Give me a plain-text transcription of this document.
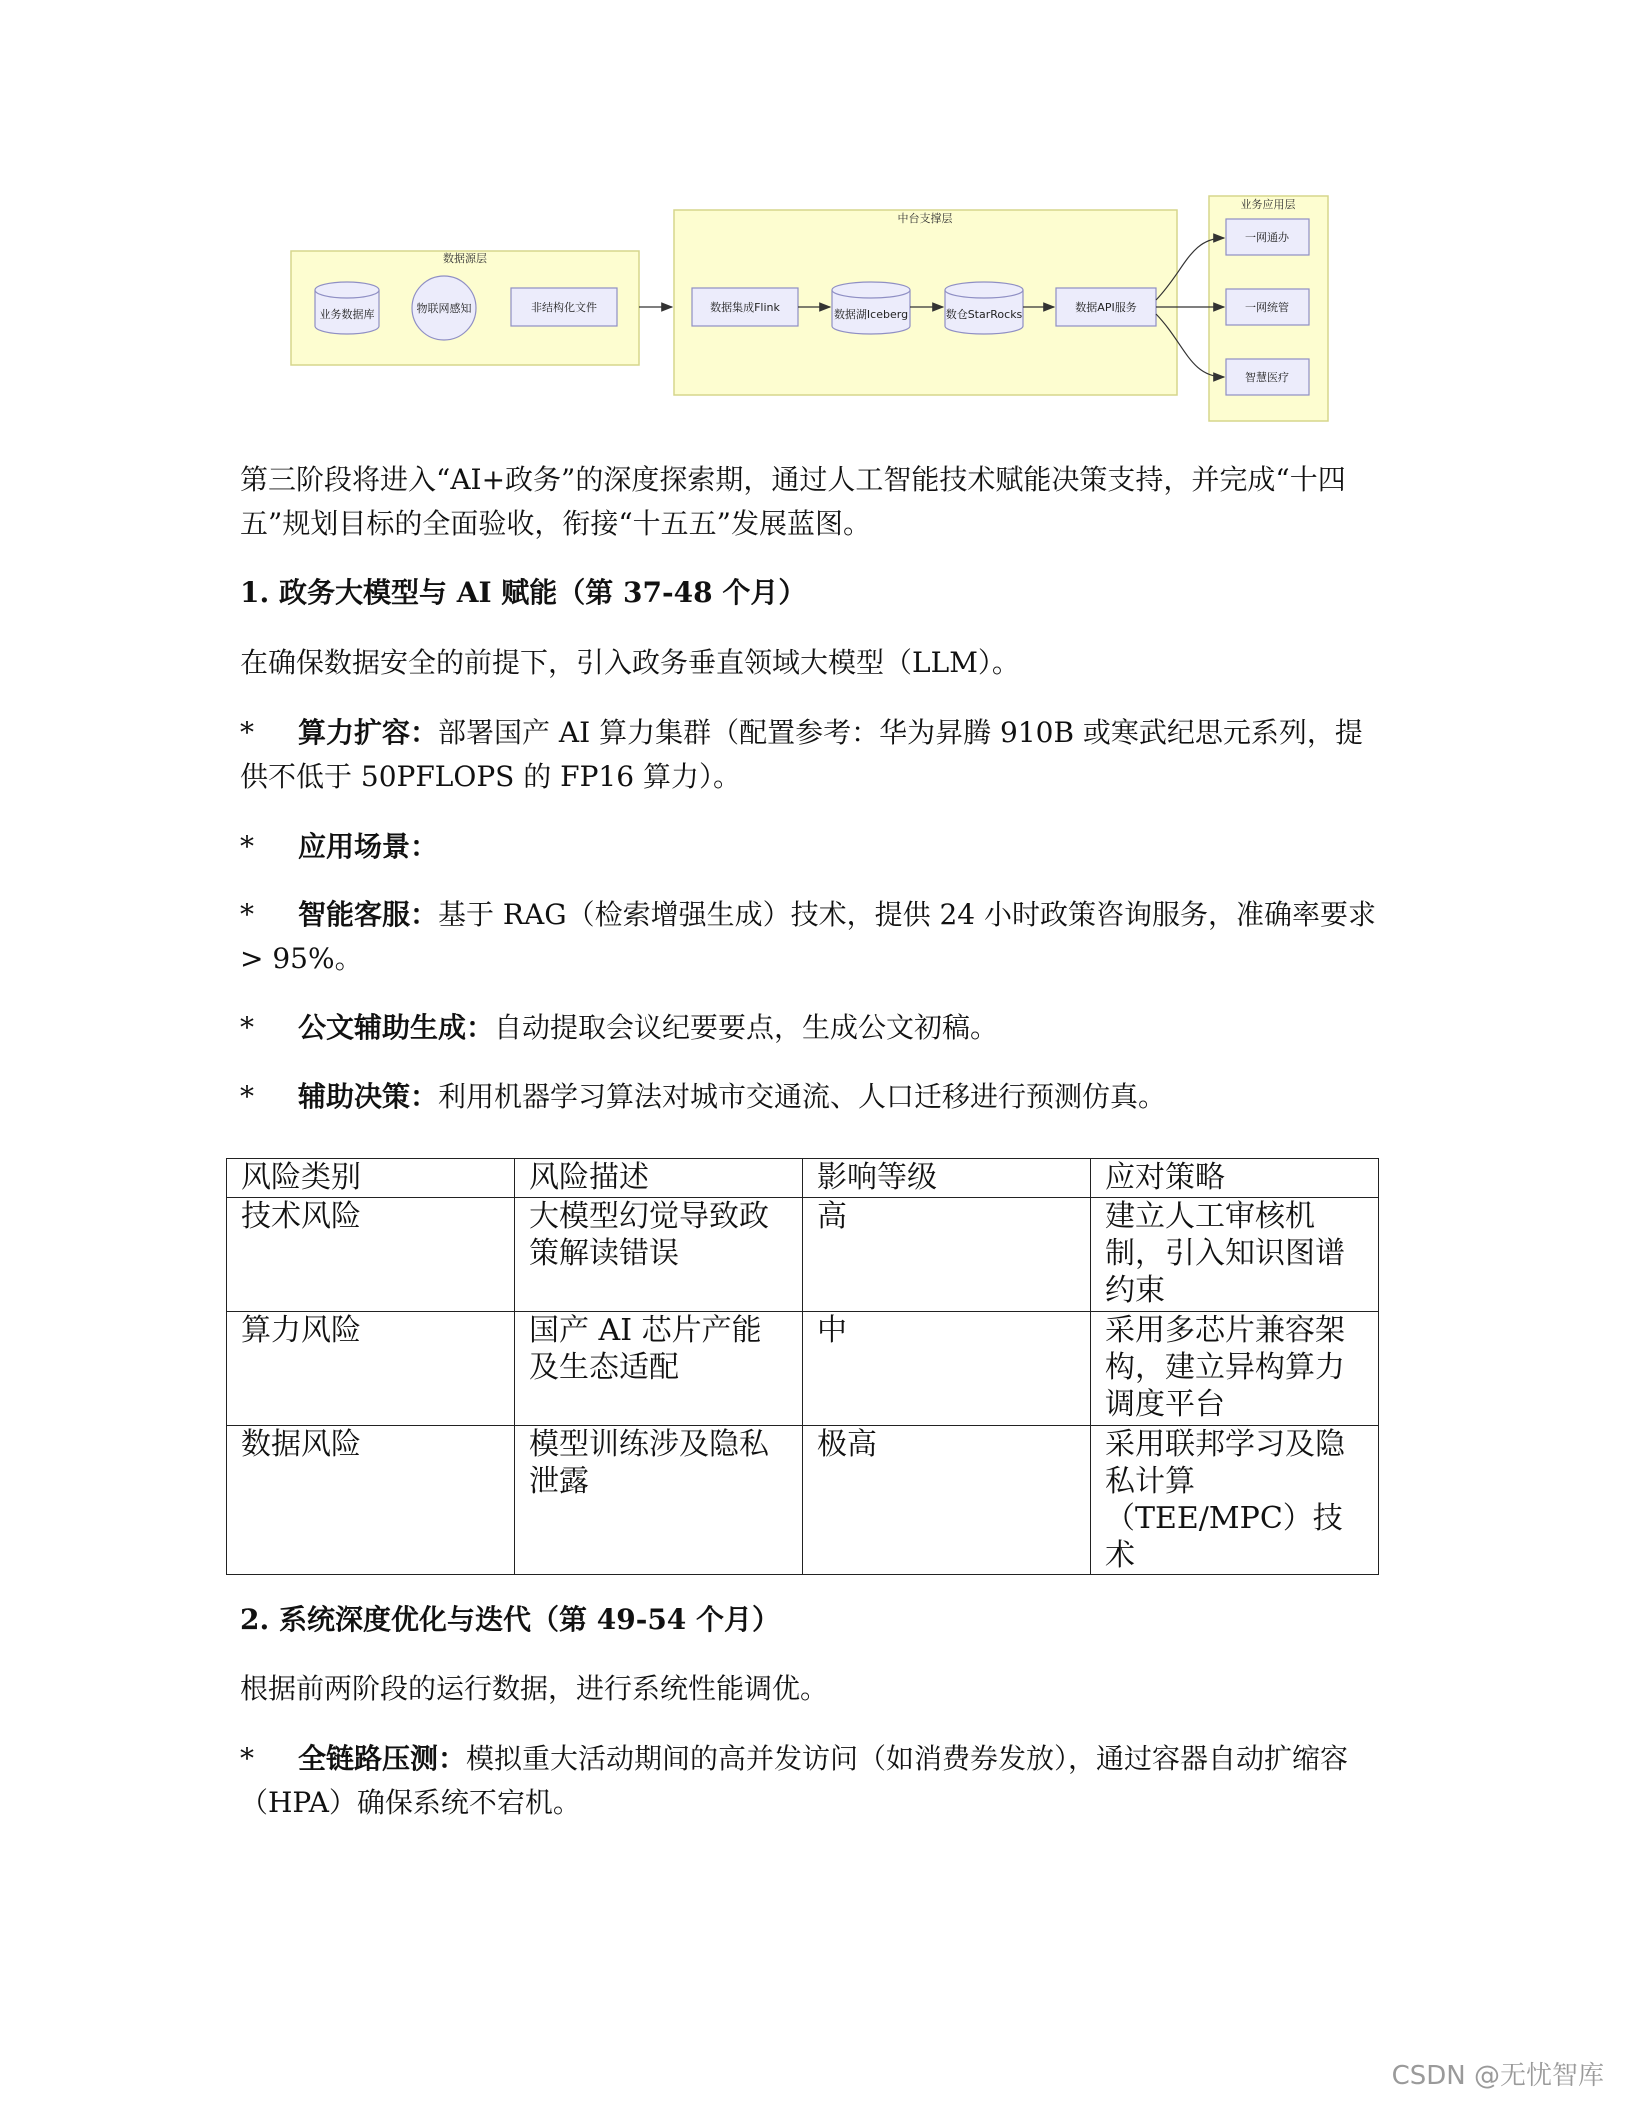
数据源层
中台支撑层
业务应用层
业务数据库	物联网感知	非结构化文件	数据集成Flink
数据湖Iceberg	数仓StarRocks
数据API服务
一网通办
一网统管
智慧医疗

第三阶段将进入“AI+政务”的深度探索期，通过人工智能技术赋能决策支持，并完成“十四五”规划目标的全面验收，衔接“十五五”发展蓝图。

1. 政务大模型与 AI 赋能（第 37-48 个月）

在确保数据安全的前提下，引入政务垂直领域大模型（LLM）。

* 算力扩容：部署国产 AI 算力集群（配置参考：华为昇腾 910B 或寒武纪思元系列，提供不低于 50PFLOPS 的 FP16 算力）。

* 应用场景：

* 智能客服：基于 RAG（检索增强生成）技术，提供 24 小时政策咨询服务，准确率要求 > 95%。

* 公文辅助生成：自动提取会议纪要要点，生成公文初稿。

* 辅助决策：利用机器学习算法对城市交通流、人口迁移进行预测仿真。

风险类别	风险描述	影响等级	应对策略
技术风险	大模型幻觉导致政策解读错误	高	建立人工审核机制，引入知识图谱约束
算力风险	国产 AI 芯片产能及生态适配	中	采用多芯片兼容架构，建立异构算力调度平台
数据风险	模型训练涉及隐私泄露	极高	采用联邦学习及隐私计算（TEE/MPC）技术

2. 系统深度优化与迭代（第 49-54 个月）

根据前两阶段的运行数据，进行系统性能调优。

* 全链路压测：模拟重大活动期间的高并发访问（如消费券发放），通过容器自动扩缩容（HPA）确保系统不宕机。

CSDN @无忧智库
